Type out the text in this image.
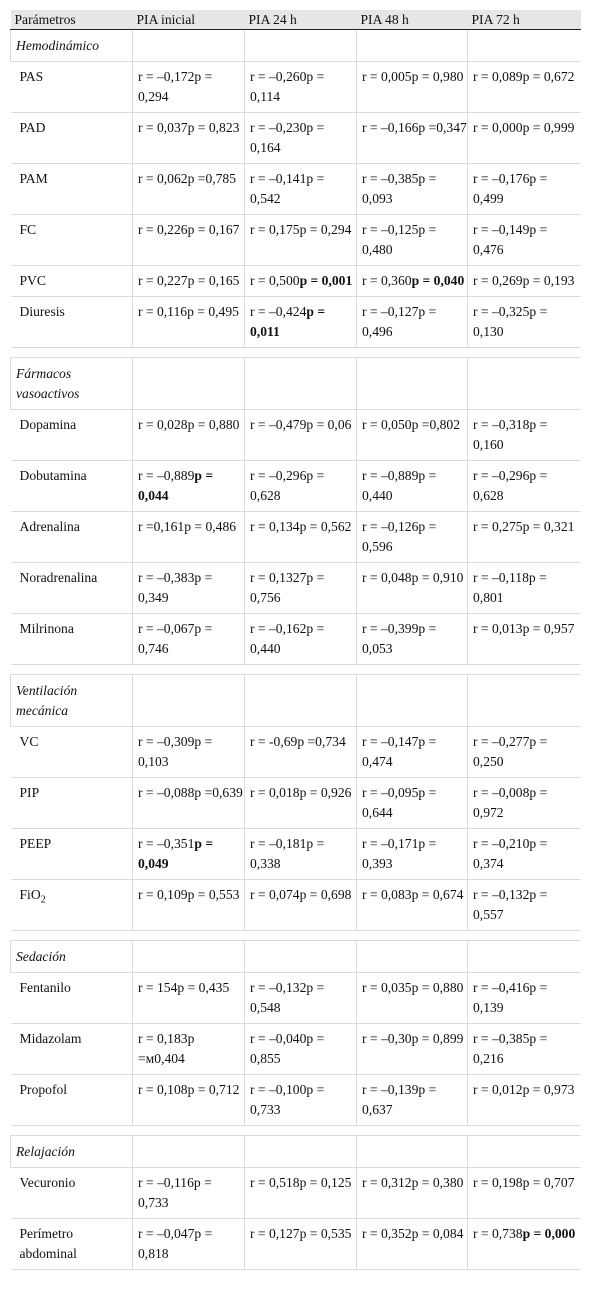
Parámetros	PIA inicial	PIA 24 h	PIA 48 h	PIA 72 h
Hemodinámico				
PAS	r = –0,172p = 0,294	r = –0,260p = 0,114	r = 0,005p = 0,980	r = 0,089p = 0,672
PAD	r = 0,037p = 0,823	r = –0,230p = 0,164	r = –0,166p =0,347	r = 0,000p = 0,999
PAM	r = 0,062p =0,785	r = –0,141p = 0,542	r = –0,385p = 0,093	r = –0,176p = 0,499
FC	r = 0,226p = 0,167	r = 0,175p = 0,294	r = –0,125p = 0,480	r = –0,149p = 0,476
PVC	r = 0,227p = 0,165	r = 0,500p = 0,001	r = 0,360p = 0,040	r = 0,269p = 0,193
Diuresis	r = 0,116p = 0,495	r = –0,424p = 0,011	r = –0,127p = 0,496	r = –0,325p = 0,130

Fármacos vasoactivos				
Dopamina	r = 0,028p = 0,880	r = –0,479p = 0,06	r = 0,050p =0,802	r = –0,318p = 0,160
Dobutamina	r = –0,889p = 0,044	r = –0,296p = 0,628	r = –0,889p = 0,440	r = –0,296p = 0,628
Adrenalina	r =0,161p = 0,486	r = 0,134p = 0,562	r = –0,126p = 0,596	r = 0,275p = 0,321
Noradrenalina	r = –0,383p = 0,349	r = 0,1327p = 0,756	r = 0,048p = 0,910	r = –0,118p = 0,801
Milrinona	r = –0,067p = 0,746	r = –0,162p = 0,440	r = –0,399p = 0,053	r = 0,013p = 0,957

Ventilación mecánica				
VC	r = –0,309p = 0,103	r = -0,69p =0,734	r = –0,147p = 0,474	r = –0,277p = 0,250
PIP	r = –0,088p =0,639	r = 0,018p = 0,926	r = –0,095p = 0,644	r = –0,008p = 0,972
PEEP	r = –0,351p = 0,049	r = –0,181p = 0,338	r = –0,171p = 0,393	r = –0,210p = 0,374
FiO$_2$	r = 0,109p = 0,553	r = 0,074p = 0,698	r = 0,083p = 0,674	r = –0,132p = 0,557

Sedación				
Fentanilo	r = 154p = 0,435	r = –0,132p = 0,548	r = 0,035p = 0,880	r = –0,416p = 0,139
Midazolam	r = 0,183p =м0,404	r = –0,040p = 0,855	r = –0,30p = 0,899	r = –0,385p = 0,216
Propofol	r = 0,108p = 0,712	r = –0,100p = 0,733	r = –0,139p = 0,637	r = 0,012p = 0,973

Relajación				
Vecuronio	r = –0,116p = 0,733	r = 0,518p = 0,125	r = 0,312p = 0,380	r = 0,198p = 0,707
Perímetro abdominal	r = –0,047p = 0,818	r = 0,127p = 0,535	r = 0,352p = 0,084	r = 0,738p = 0,000
